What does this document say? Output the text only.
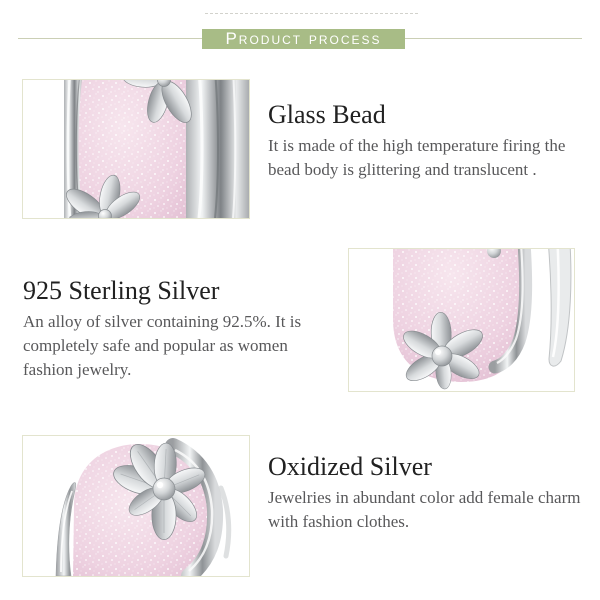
Product process
Glass Bead

It is made of the high temperature firing the bead body is glittering and translucent .

925 Sterling Silver

An alloy of silver containing 92.5%. It is completely safe and popular as women fashion jewelry.

Oxidized Silver

Jewelries in abundant color add female charm with fashion clothes.
